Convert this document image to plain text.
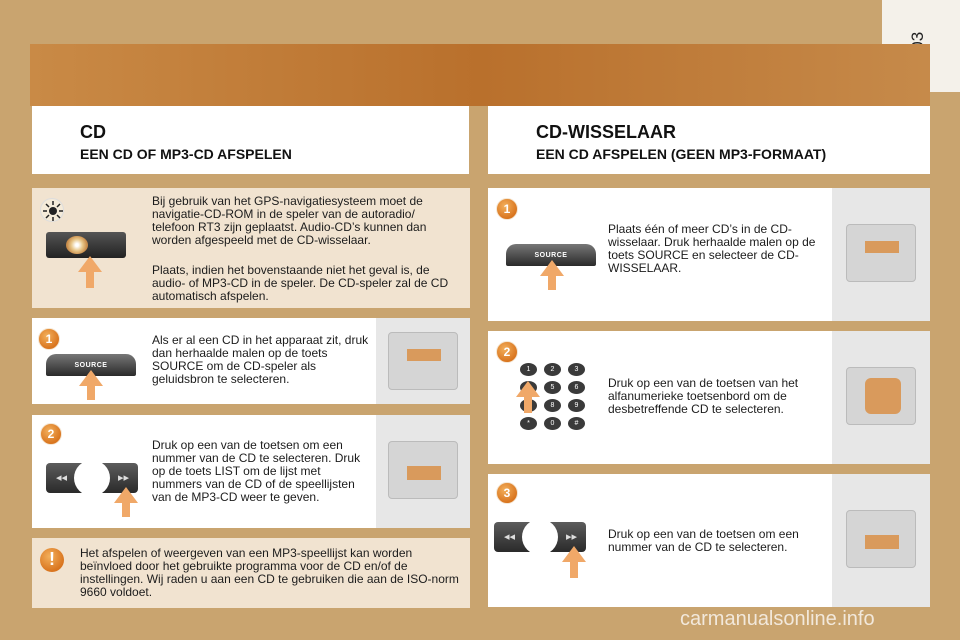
CD
EEN CD OF MP3-CD AFSPELEN
CD-WISSELAAR
EEN CD AFSPELEN (GEEN MP3-FORMAAT)
Bij gebruik van het GPS-navigatiesysteem moet de navigatie-CD-ROM in de speler van de autoradio/ telefoon RT3 zijn geplaatst. Audio-CD’s kunnen dan worden afgespeeld met de CD-wisselaar.
Plaats, indien het bovenstaande niet het geval is, de audio- of MP3-CD in de speler. De CD-speler zal de CD automatisch afspelen.
1
SOURCE
Als er al een CD in het apparaat zit, druk dan herhaalde malen op de toets SOURCE om de CD-speler als geluidsbron te selecteren.
2
◂◂	▸▸
Druk op een van de toetsen om een nummer van de CD te selecteren. Druk op de toets LIST om de lijst met nummers van de CD of de speellijsten van de MP3-CD weer te geven.
!	Het afspelen of weergeven van een MP3-speellijst kan worden beïnvloed door het gebruikte programma voor de CD en/of de instellingen. Wij raden u aan een CD te gebruiken die aan de ISO-norm 9660 voldoet.
1
SOURCE
Plaats één of meer CD’s in de CD-wisselaar. Druk herhaalde malen op de toets SOURCE en selecteer de CD-WISSELAAR.
2
1	2	3
4	5	6
8	9
*	0	#
Druk op een van de toetsen van het alfanumerieke toetsenbord om de desbetreffende CD te selecteren.
3
◂◂	▸▸	Druk op een van de toetsen om een nummer van de CD te selecteren.
carmanualsonline.info
